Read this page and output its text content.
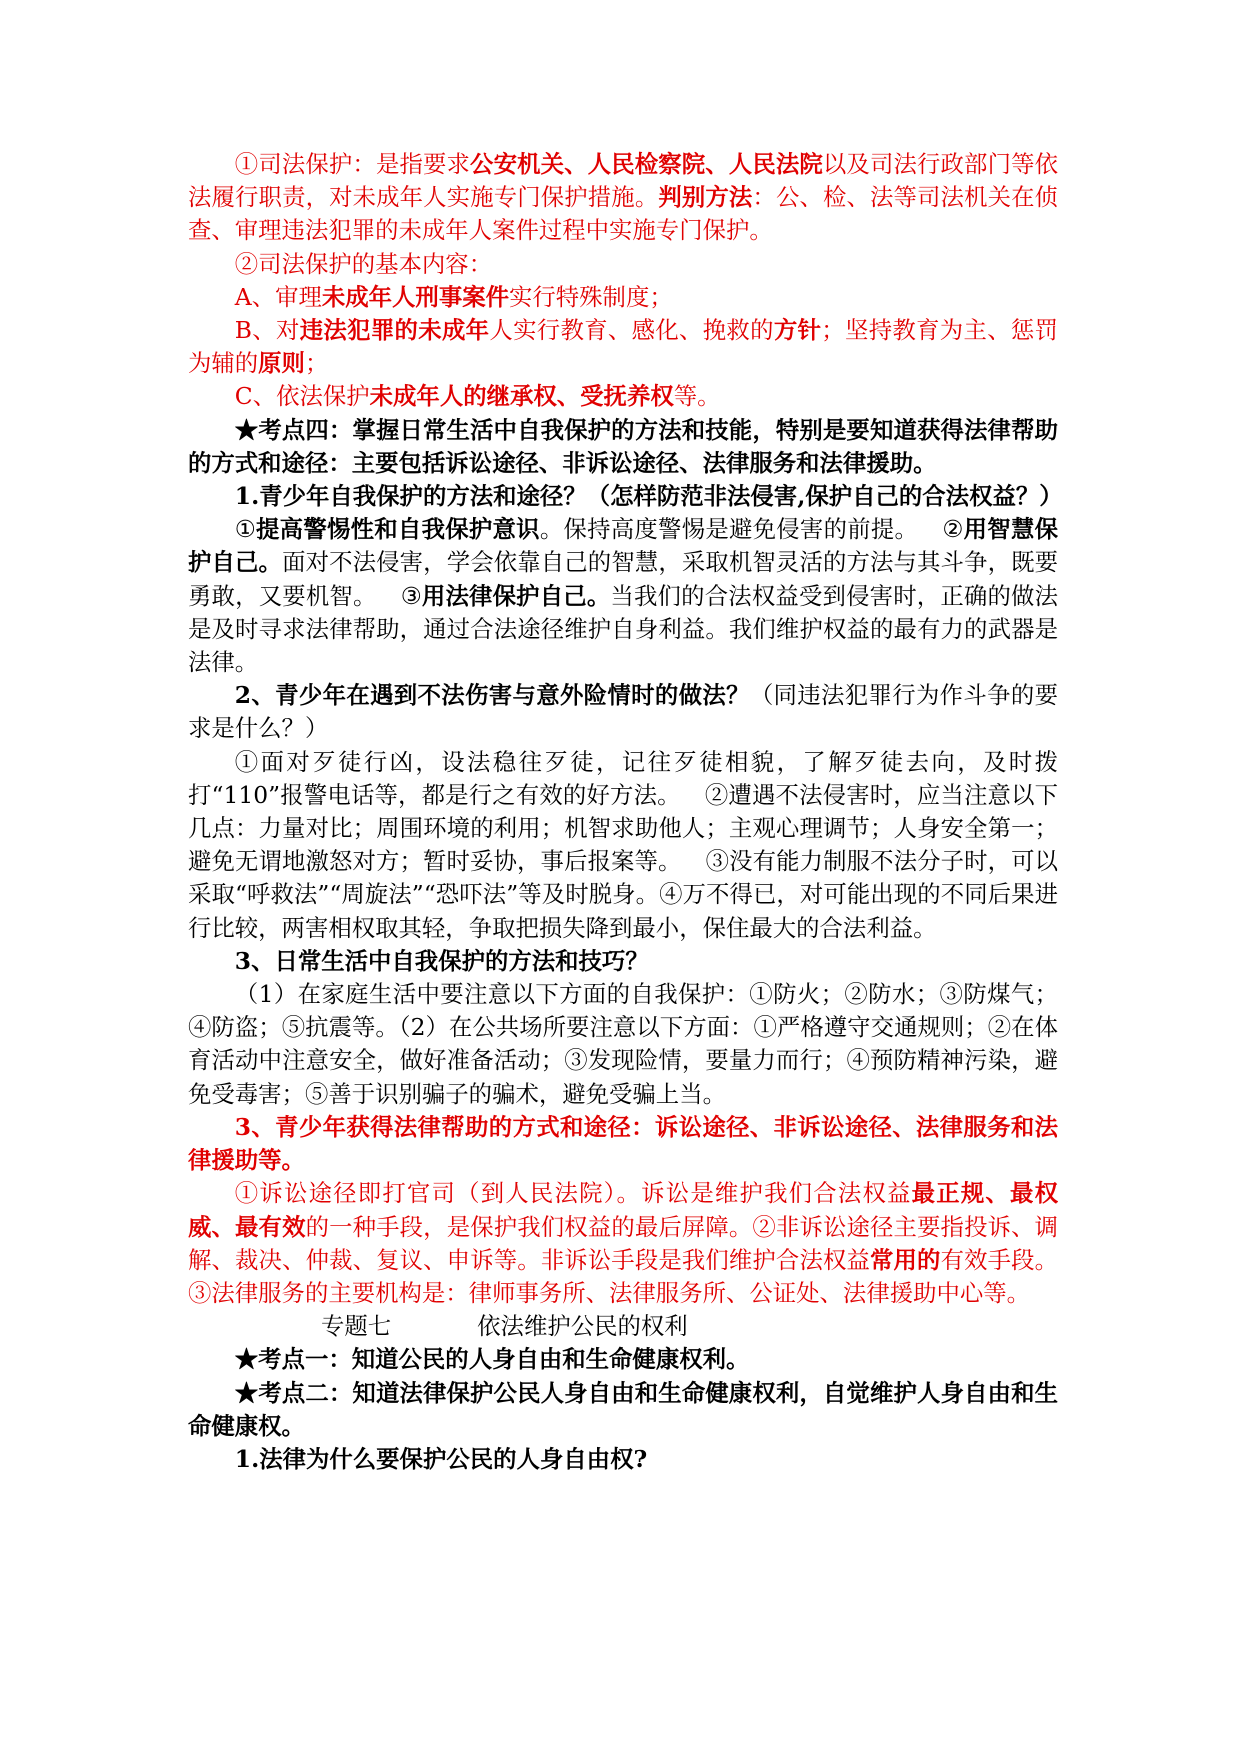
①司法保护：是指要求公安机关、人民检察院、人民法院以及司法行政部门等依法履行职责，对未成年人实施专门保护措施。判别方法：公、检、法等司法机关在侦查、审理违法犯罪的未成年人案件过程中实施专门保护。

②司法保护的基本内容：

A、审理未成年人刑事案件实行特殊制度；

B、对违法犯罪的未成年人实行教育、感化、挽救的方针；坚持教育为主、惩罚为辅的原则；

C、依法保护未成年人的继承权、受抚养权等。

★考点四：掌握日常生活中自我保护的方法和技能，特别是要知道获得法律帮助的方式和途径：主要包括诉讼途径、非诉讼途径、法律服务和法律援助。

1.青少年自我保护的方法和途径？（怎样防范非法侵害,保护自己的合法权益？）

①提高警惕性和自我保护意识。保持高度警惕是避免侵害的前提。 ②用智慧保护自己。面对不法侵害，学会依靠自己的智慧，采取机智灵活的方法与其斗争，既要勇敢，又要机智。 ③用法律保护自己。当我们的合法权益受到侵害时，正确的做法是及时寻求法律帮助，通过合法途径维护自身利益。我们维护权益的最有力的武器是法律。

2、青少年在遇到不法伤害与意外险情时的做法？（同违法犯罪行为作斗争的要求是什么？）

①面对歹徒行凶，设法稳往歹徒，记往歹徒相貌，了解歹徒去向，及时拨打“110”报警电话等，都是行之有效的好方法。 ②遭遇不法侵害时，应当注意以下几点：力量对比；周围环境的利用；机智求助他人；主观心理调节；人身安全第一；避免无谓地激怒对方；暂时妥协，事后报案等。 ③没有能力制服不法分子时，可以采取“呼救法”“周旋法”“恐吓法”等及时脱身。④万不得已，对可能出现的不同后果进行比较，两害相权取其轻，争取把损失降到最小，保住最大的合法利益。

3、日常生活中自我保护的方法和技巧？

（1）在家庭生活中要注意以下方面的自我保护：①防火；②防水；③防煤气；④防盗；⑤抗震等。（2）在公共场所要注意以下方面：①严格遵守交通规则；②在体育活动中注意安全，做好准备活动；③发现险情，要量力而行；④预防精神污染，避免受毒害；⑤善于识别骗子的骗术，避免受骗上当。

3、青少年获得法律帮助的方式和途径：诉讼途径、非诉讼途径、法律服务和法律援助等。

①诉讼途径即打官司（到人民法院）。诉讼是维护我们合法权益最正规、最权威、最有效的一种手段，是保护我们权益的最后屏障。②非诉讼途径主要指投诉、调解、裁决、仲裁、复议、申诉等。非诉讼手段是我们维护合法权益常用的有效手段。③法律服务的主要机构是：律师事务所、法律服务所、公证处、法律援助中心等。

专题七	依法维护公民的权利

★考点一：知道公民的人身自由和生命健康权利。

★考点二：知道法律保护公民人身自由和生命健康权利，自觉维护人身自由和生命健康权。

1.法律为什么要保护公民的人身自由权?
